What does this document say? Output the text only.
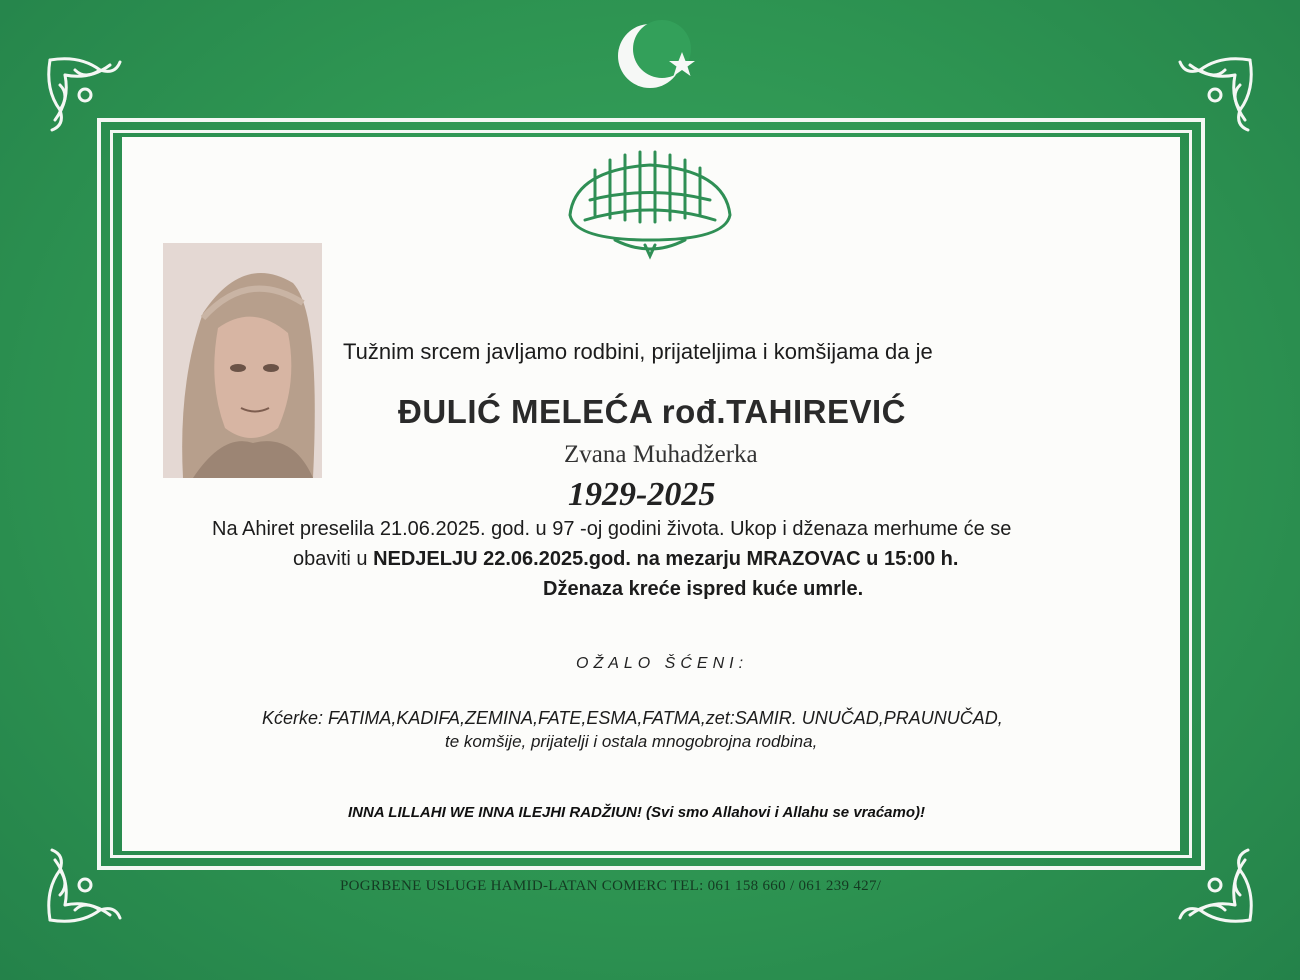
Tužnim srcem javljamo rodbini, prijateljima i komšijama da je
ĐULIĆ MELEĆA rođ.TAHIREVIĆ
Zvana Muhadžerka
1929-2025
Na Ahiret preselila 21.06.2025. god. u 97 -oj godini života. Ukop i dženaza merhume će se
obaviti u NEDJELJU 22.06.2025.god. na mezarju MRAZOVAC u 15:00 h.
Dženaza kreće ispred kuće umrle.
OŽALO ŠĆENI:
Kćerke: FATIMA,KADIFA,ZEMINA,FATE,ESMA,FATMA,zet:SAMIR. UNUČAD,PRAUNUČAD,
te komšije, prijatelji i ostala mnogobrojna rodbina,
INNA LILLAHI WE INNA ILEJHI RADŽIUN! (Svi smo Allahovi i Allahu se vraćamo)!
POGRBENE USLUGE HAMID-LATAN COMERC TEL: 061 158 660 / 061 239 427/
